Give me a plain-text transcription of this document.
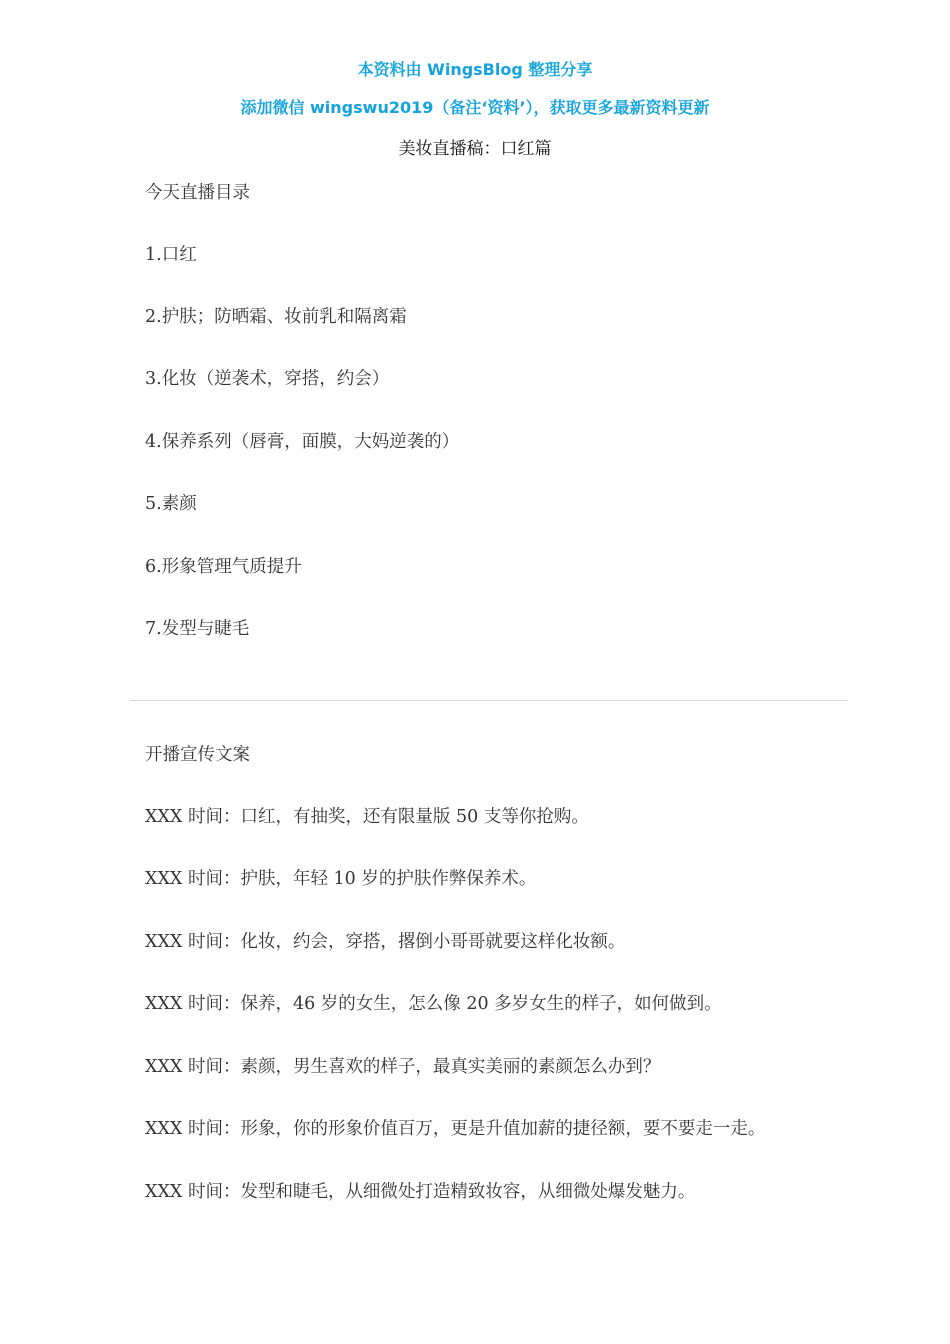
本资料由 WingsBlog 整理分享
添加微信 wingswu2019（备注‘资料’），获取更多最新资料更新
美妆直播稿：口红篇
今天直播目录
1.口红
2.护肤；防晒霜、妆前乳和隔离霜
3.化妆（逆袭术，穿搭，约会）
4.保养系列（唇膏，面膜，大妈逆袭的）
5.素颜
6.形象管理气质提升
7.发型与睫毛
开播宣传文案
XXX 时间：口红，有抽奖，还有限量版 50 支等你抢购。
XXX 时间：护肤，年轻 10 岁的护肤作弊保养术。
XXX 时间：化妆，约会，穿搭，撂倒小哥哥就要这样化妆额。
XXX 时间：保养，46 岁的女生，怎么像 20 多岁女生的样子，如何做到。
XXX 时间：素颜，男生喜欢的样子，最真实美丽的素颜怎么办到？
XXX 时间：形象，你的形象价值百万，更是升值加薪的捷径额，要不要走一走。
XXX 时间：发型和睫毛，从细微处打造精致妆容，从细微处爆发魅力。
